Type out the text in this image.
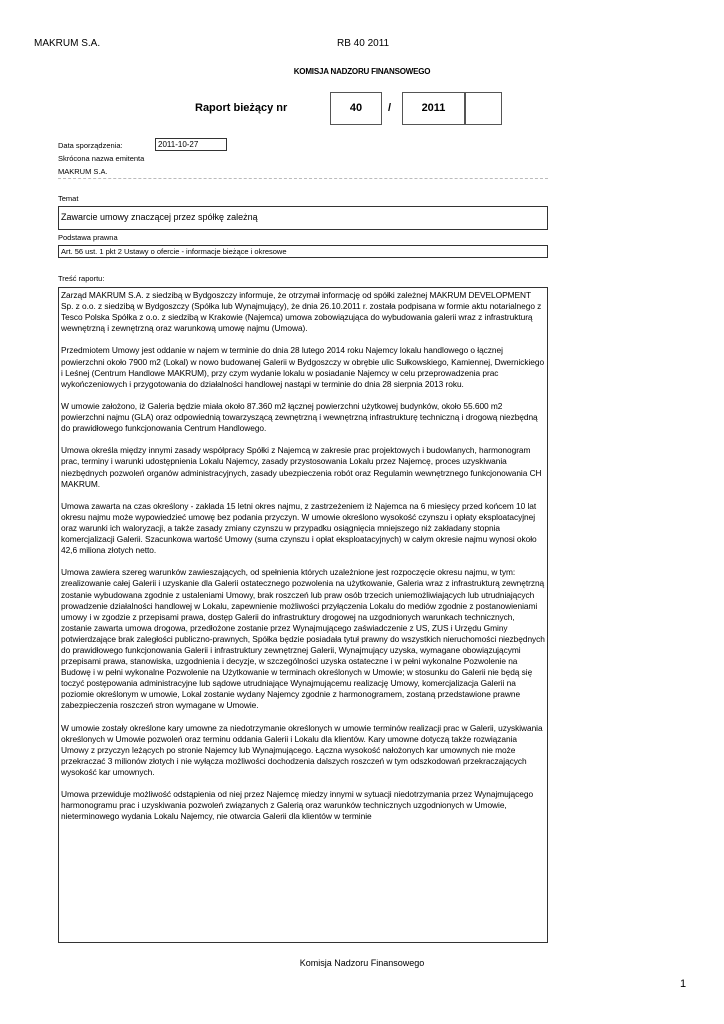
MAKRUM S.A.	RB 40 2011
KOMISJA NADZORU FINANSOWEGO
Raport bieżący nr	40	/	2011
Data sporządzenia:	2011-10-27
Skrócona nazwa emitenta
MAKRUM S.A.
Temat
Zawarcie umowy znaczącej przez spółkę zależną
Podstawa prawna
Art. 56 ust. 1 pkt 2 Ustawy o ofercie - informacje bieżące i okresowe
Treść raportu:

Zarząd MAKRUM S.A. z siedzibą w Bydgoszczy informuje, że otrzymał informację od spółki zależnej MAKRUM DEVELOPMENT Sp. z o.o. z siedzibą w Bydgoszczy (Spółka lub Wynajmujący), że dnia 26.10.2011 r. została podpisana w formie aktu notarialnego z Tesco Polska Spółka z o.o. z siedzibą w Krakowie (Najemca) umowa zobowiązująca do wybudowania galerii wraz z infrastrukturą wewnętrzną i zewnętrzną oraz warunkową umowę najmu (Umowa).

Przedmiotem Umowy jest oddanie w najem w terminie do dnia 28 lutego 2014 roku Najemcy lokalu handlowego o łącznej powierzchni około 7900 m2 (Lokal) w nowo budowanej Galerii w Bydgoszczy w obrębie ulic Sułkowskiego, Kamiennej, Dwernickiego i Leśnej (Centrum Handlowe MAKRUM), przy czym wydanie lokalu w posiadanie Najemcy w celu przeprowadzenia prac wykończeniowych i przygotowania do działalności handlowej nastąpi w terminie do dnia 28 sierpnia 2013 roku.

W umowie założono, iż Galeria będzie miała około 87.360 m2 łącznej powierzchni użytkowej budynków, około 55.600 m2 powierzchni najmu (GLA) oraz odpowiednią towarzyszącą zewnętrzną i wewnętrzną infrastrukturę techniczną i drogową niezbędną do prawidłowego funkcjonowania Centrum Handlowego.

Umowa określa między innymi zasady współpracy Spółki z Najemcą w zakresie prac projektowych i budowlanych, harmonogram prac, terminy i warunki udostępnienia Lokalu Najemcy, zasady przystosowania Lokalu przez Najemcę, proces uzyskiwania niezbędnych pozwoleń organów administracyjnych, zasady ubezpieczenia robót oraz Regulamin wewnętrznego funkcjonowania CH MAKRUM.

Umowa zawarta na czas określony - zakłada 15 letni okres najmu, z zastrzeżeniem iż Najemca na 6 miesięcy przed końcem 10 lat okresu najmu może wypowiedzieć umowę bez podania przyczyn. W umowie określono wysokość czynszu i opłaty eksploatacyjnej oraz warunki ich waloryzacji, a także zasady zmiany czynszu w przypadku osiągnięcia mniejszego niż zakładany stopnia komercjalizacji Galerii. Szacunkowa wartość Umowy (suma czynszu i opłat eksploatacyjnych) w całym okresie najmu wynosi około 42,6 miliona złotych netto.

Umowa zawiera szereg warunków zawieszających, od spełnienia których uzależnione jest rozpoczęcie okresu najmu, w tym: zrealizowanie całej Galerii i uzyskanie dla Galerii ostatecznego pozwolenia na użytkowanie, Galeria wraz z infrastrukturą zewnętrzną zostanie wybudowana zgodnie z ustaleniami Umowy, brak roszczeń lub praw osób trzecich uniemożliwiających lub utrudniających prowadzenie działalności handlowej w Lokalu, zapewnienie możliwości przyłączenia Lokalu do mediów zgodnie z postanowieniami umowy i w zgodzie z przepisami prawa, dostęp Galerii do infrastruktury drogowej na uzgodnionych warunkach technicznych, zostanie zawarta umowa drogowa, przedłożone zostanie przez Wynajmującego zaświadczenie z US, ZUS i Urzędu Gminy potwierdzające brak zaległości publiczno-prawnych, Spółka będzie posiadała tytuł prawny do wszystkich nieruchomości niezbędnych do prawidłowego funkcjonowania Galerii i infrastruktury zewnętrznej Galerii, Wynajmujący uzyska, wymagane obowiązującymi przepisami prawa, stanowiska, uzgodnienia i decyzje, w szczególności uzyska ostateczne i w pełni wykonalne Pozwolenie na Budowę i w pełni wykonalne Pozwolenie na Użytkowanie w terminach określonych w Umowie; w stosunku do Galerii nie będą się toczyć postępowania administracyjne lub sądowe utrudniające Wynajmującemu realizację Umowy, komercjalizacja Galerii na poziomie określonym w umowie, Lokal zostanie wydany Najemcy zgodnie z harmonogramem, zostaną przedstawione prawne zabezpieczenia roszczeń stron wymagane w Umowie.

W umowie zostały określone kary umowne za niedotrzymanie określonych w umowie terminów realizacji prac w Galerii, uzyskiwania określonych w Umowie pozwoleń oraz terminu oddania Galerii i Lokalu dla klientów. Kary umowne dotyczą także rozwiązania Umowy z przyczyn leżących po stronie Najemcy lub Wynajmującego. Łączna wysokość nałożonych kar umownych nie może przekraczać 3 milionów złotych i nie wyłącza możliwości dochodzenia dalszych roszczeń w tym odszkodowań przekraczających wysokość kar umownych.

Umowa przewiduje możliwość odstąpienia od niej przez Najemcę miedzy innymi w sytuacji niedotrzymania przez Wynajmującego harmonogramu prac i uzyskiwania pozwoleń związanych z Galerią oraz warunków technicznych uzgodnionych w Umowie, nieterminowego wydania Lokalu Najemcy, nie otwarcia Galerii dla klientów w terminie

Komisja Nadzoru Finansowego
1
